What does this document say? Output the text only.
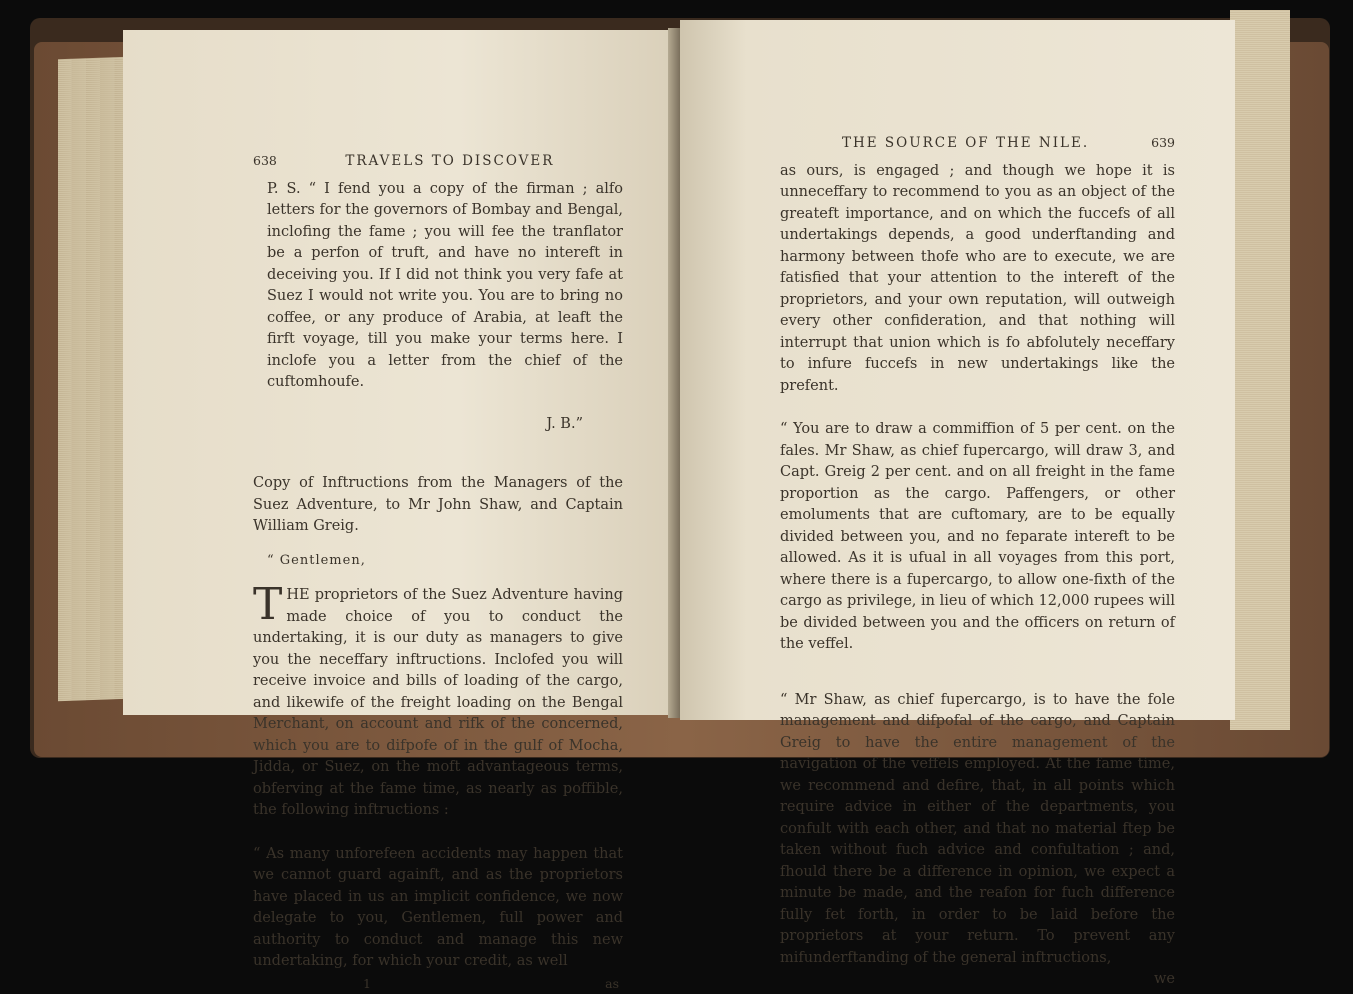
638	TRAVELS TO DISCOVER

P. S. “ I fend you a copy of the firman ; alfo letters for the governors of Bombay and Bengal, inclofing the fame ; you will fee the tranflator be a perfon of truft, and have no intereft in deceiving you. If I did not think you very fafe at Suez I would not write you. You are to bring no coffee, or any produce of Arabia, at leaft the firft voyage, till you make your terms here. I inclofe you a letter from the chief of the cuftomhoufe.

J. B.”

Copy of Inftructions from the Managers of the Suez Adventure, to Mr John Shaw, and Captain William Greig.

“ Gentlemen,

THE proprietors of the Suez Adventure having made choice of you to conduct the undertaking, it is our duty as managers to give you the neceffary inftructions. Inclofed you will receive invoice and bills of loading of the cargo, and likewife of the freight loading on the Bengal Merchant, on account and rifk of the concerned, which you are to difpofe of in the gulf of Mocha, Jidda, or Suez, on the moft advantageous terms, obferving at the fame time, as nearly as poffible, the following inftructions :

“ As many unforefeen accidents may happen that we cannot guard againft, and as the proprietors have placed in us an implicit confidence, we now delegate to you, Gentlemen, full power and authority to conduct and manage this new undertaking, for which your credit, as well

1	as
THE SOURCE OF THE NILE.	639

as ours, is engaged ; and though we hope it is unneceffary to recommend to you as an object of the greateft importance, and on which the fuccefs of all undertakings depends, a good underftanding and harmony between thofe who are to execute, we are fatisfied that your attention to the intereft of the proprietors, and your own reputation, will outweigh every other confideration, and that nothing will interrupt that union which is fo abfolutely neceffary to infure fuccefs in new undertakings like the prefent.

“ You are to draw a commiffion of 5 per cent. on the fales. Mr Shaw, as chief fupercargo, will draw 3, and Capt. Greig 2 per cent. and on all freight in the fame proportion as the cargo. Paffengers, or other emoluments that are cuftomary, are to be equally divided between you, and no feparate intereft to be allowed. As it is ufual in all voyages from this port, where there is a fupercargo, to allow one-fixth of the cargo as privilege, in lieu of which 12,000 rupees will be divided between you and the officers on return of the veffel.

“ Mr Shaw, as chief fupercargo, is to have the fole management and difpofal of the cargo, and Captain Greig to have the entire management of the navigation of the veffels employed. At the fame time, we recommend and defire, that, in all points which require advice in either of the departments, you confult with each other, and that no material ftep be taken without fuch advice and confultation ; and, fhould there be a difference in opinion, we expect a minute be made, and the reafon for fuch difference fully fet forth, in order to be laid before the proprietors at your return. To prevent any mifunderftanding of the general inftructions,

we
